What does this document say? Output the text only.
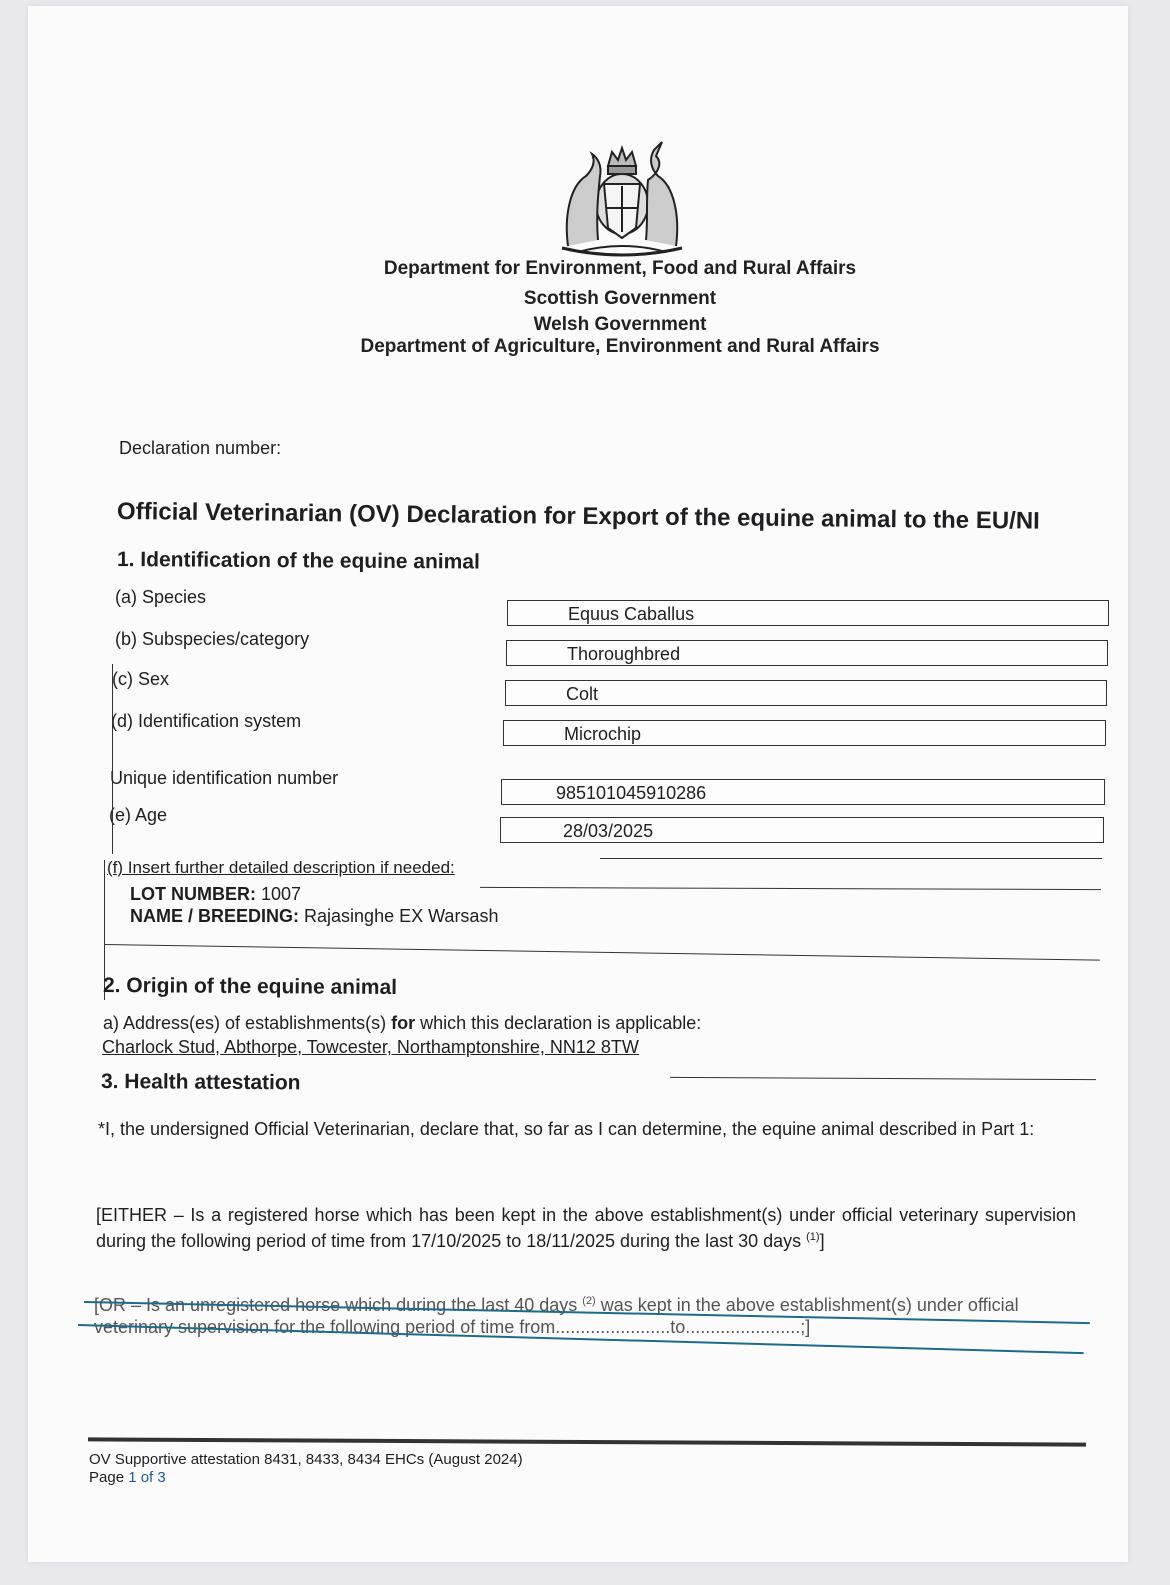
Department for Environment, Food and Rural Affairs
Scottish Government
Welsh Government
Department of Agriculture, Environment and Rural Affairs
Declaration number:
Official Veterinarian (OV) Declaration for Export of the equine animal to the EU/NI
1. Identification of the equine animal
(a) Species
(b) Subspecies/category
(c) Sex
(d) Identification system
Unique identification number
(e) Age
Equus Caballus
Thoroughbred
Colt
Microchip
985101045910286
28/03/2025
(f) Insert further detailed description if needed:
LOT NUMBER: 1007
NAME / BREEDING: Rajasinghe EX Warsash
2. Origin of the equine animal
a) Address(es) of establishments(s) for which this declaration is applicable:
Charlock Stud, Abthorpe, Towcester, Northamptonshire, NN12 8TW
3. Health attestation
*I, the undersigned Official Veterinarian, declare that, so far as I can determine, the equine animal described in Part 1:
[EITHER – Is a registered horse which has been kept in the above establishment(s) under official veterinary supervision during the following period of time from 17/10/2025 to 18/11/2025 during the last 30 days $^{(1)}$]
[OR – Is an unregistered horse which during the last 40 days $^{(2)}$ was kept in the above establishment(s) under official
veterinary supervision for the following period of time from.......................to.......................;]
OV Supportive attestation 8431, 8433, 8434 EHCs (August 2024)
Page 1 of 3
